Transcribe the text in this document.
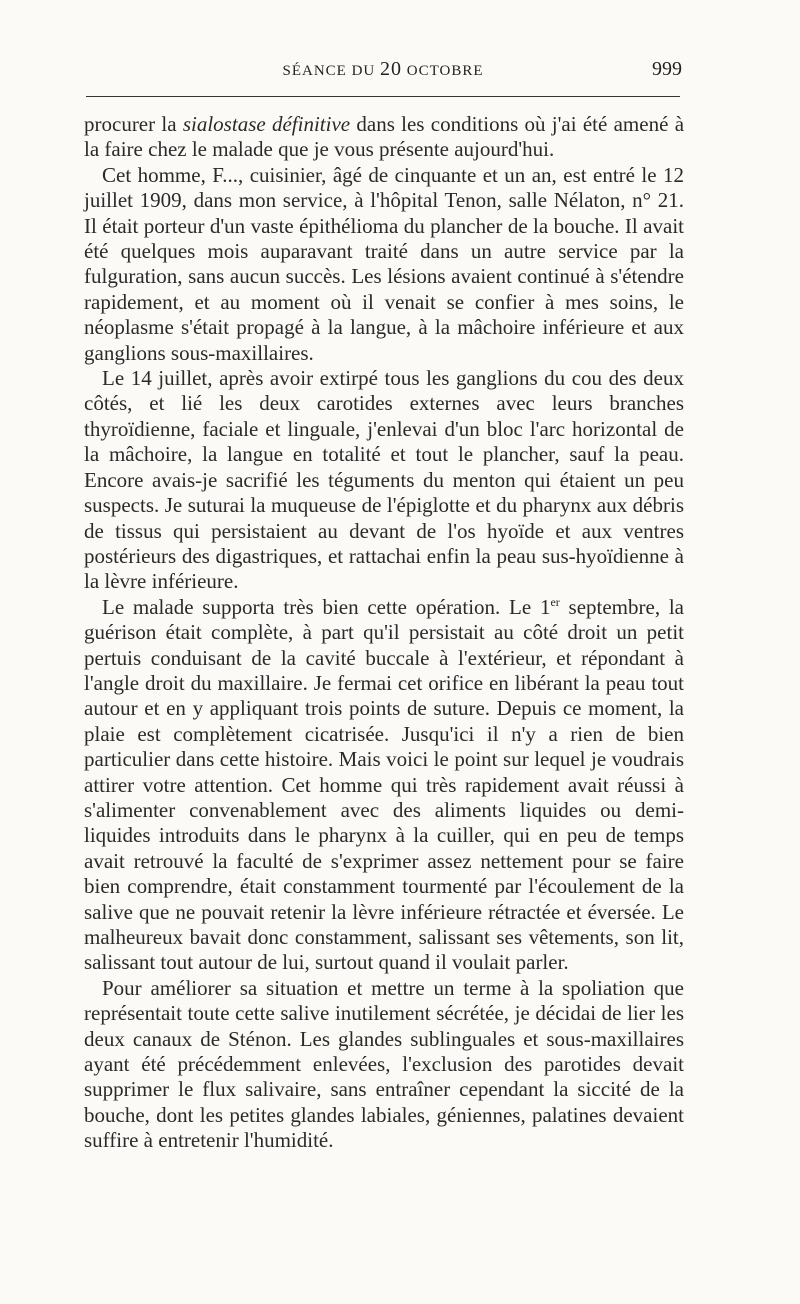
SÉANCE DU 20 OCTOBRE	999

procurer la sialostase définitive dans les conditions où j'ai été amené à la faire chez le malade que je vous présente aujourd'hui.

Cet homme, F..., cuisinier, âgé de cinquante et un an, est entré le 12 juillet 1909, dans mon service, à l'hôpital Tenon, salle Nélaton, n° 21. Il était porteur d'un vaste épithélioma du plancher de la bouche. Il avait été quelques mois auparavant traité dans un autre service par la fulguration, sans aucun succès. Les lésions avaient continué à s'étendre rapidement, et au moment où il venait se confier à mes soins, le néoplasme s'était propagé à la langue, à la mâchoire inférieure et aux ganglions sous-maxillaires.

Le 14 juillet, après avoir extirpé tous les ganglions du cou des deux côtés, et lié les deux carotides externes avec leurs branches thyroïdienne, faciale et linguale, j'enlevai d'un bloc l'arc horizontal de la mâchoire, la langue en totalité et tout le plancher, sauf la peau. Encore avais-je sacrifié les téguments du menton qui étaient un peu suspects. Je suturai la muqueuse de l'épiglotte et du pharynx aux débris de tissus qui persistaient au devant de l'os hyoïde et aux ventres postérieurs des digastriques, et rattachai enfin la peau sus-hyoïdienne à la lèvre inférieure.

Le malade supporta très bien cette opération. Le 1er septembre, la guérison était complète, à part qu'il persistait au côté droit un petit pertuis conduisant de la cavité buccale à l'extérieur, et répondant à l'angle droit du maxillaire. Je fermai cet orifice en libérant la peau tout autour et en y appliquant trois points de suture. Depuis ce moment, la plaie est complètement cicatrisée. Jusqu'ici il n'y a rien de bien particulier dans cette histoire. Mais voici le point sur lequel je voudrais attirer votre attention. Cet homme qui très rapidement avait réussi à s'alimenter convenablement avec des aliments liquides ou demi-liquides introduits dans le pharynx à la cuiller, qui en peu de temps avait retrouvé la faculté de s'exprimer assez nettement pour se faire bien comprendre, était constamment tourmenté par l'écoulement de la salive que ne pouvait retenir la lèvre inférieure rétractée et éversée. Le malheureux bavait donc constamment, salissant ses vêtements, son lit, salissant tout autour de lui, surtout quand il voulait parler.

Pour améliorer sa situation et mettre un terme à la spoliation que représentait toute cette salive inutilement sécrétée, je décidai de lier les deux canaux de Sténon. Les glandes sublinguales et sous-maxillaires ayant été précédemment enlevées, l'exclusion des parotides devait supprimer le flux salivaire, sans entraîner cependant la siccité de la bouche, dont les petites glandes labiales, géniennes, palatines devaient suffire à entretenir l'humidité.
